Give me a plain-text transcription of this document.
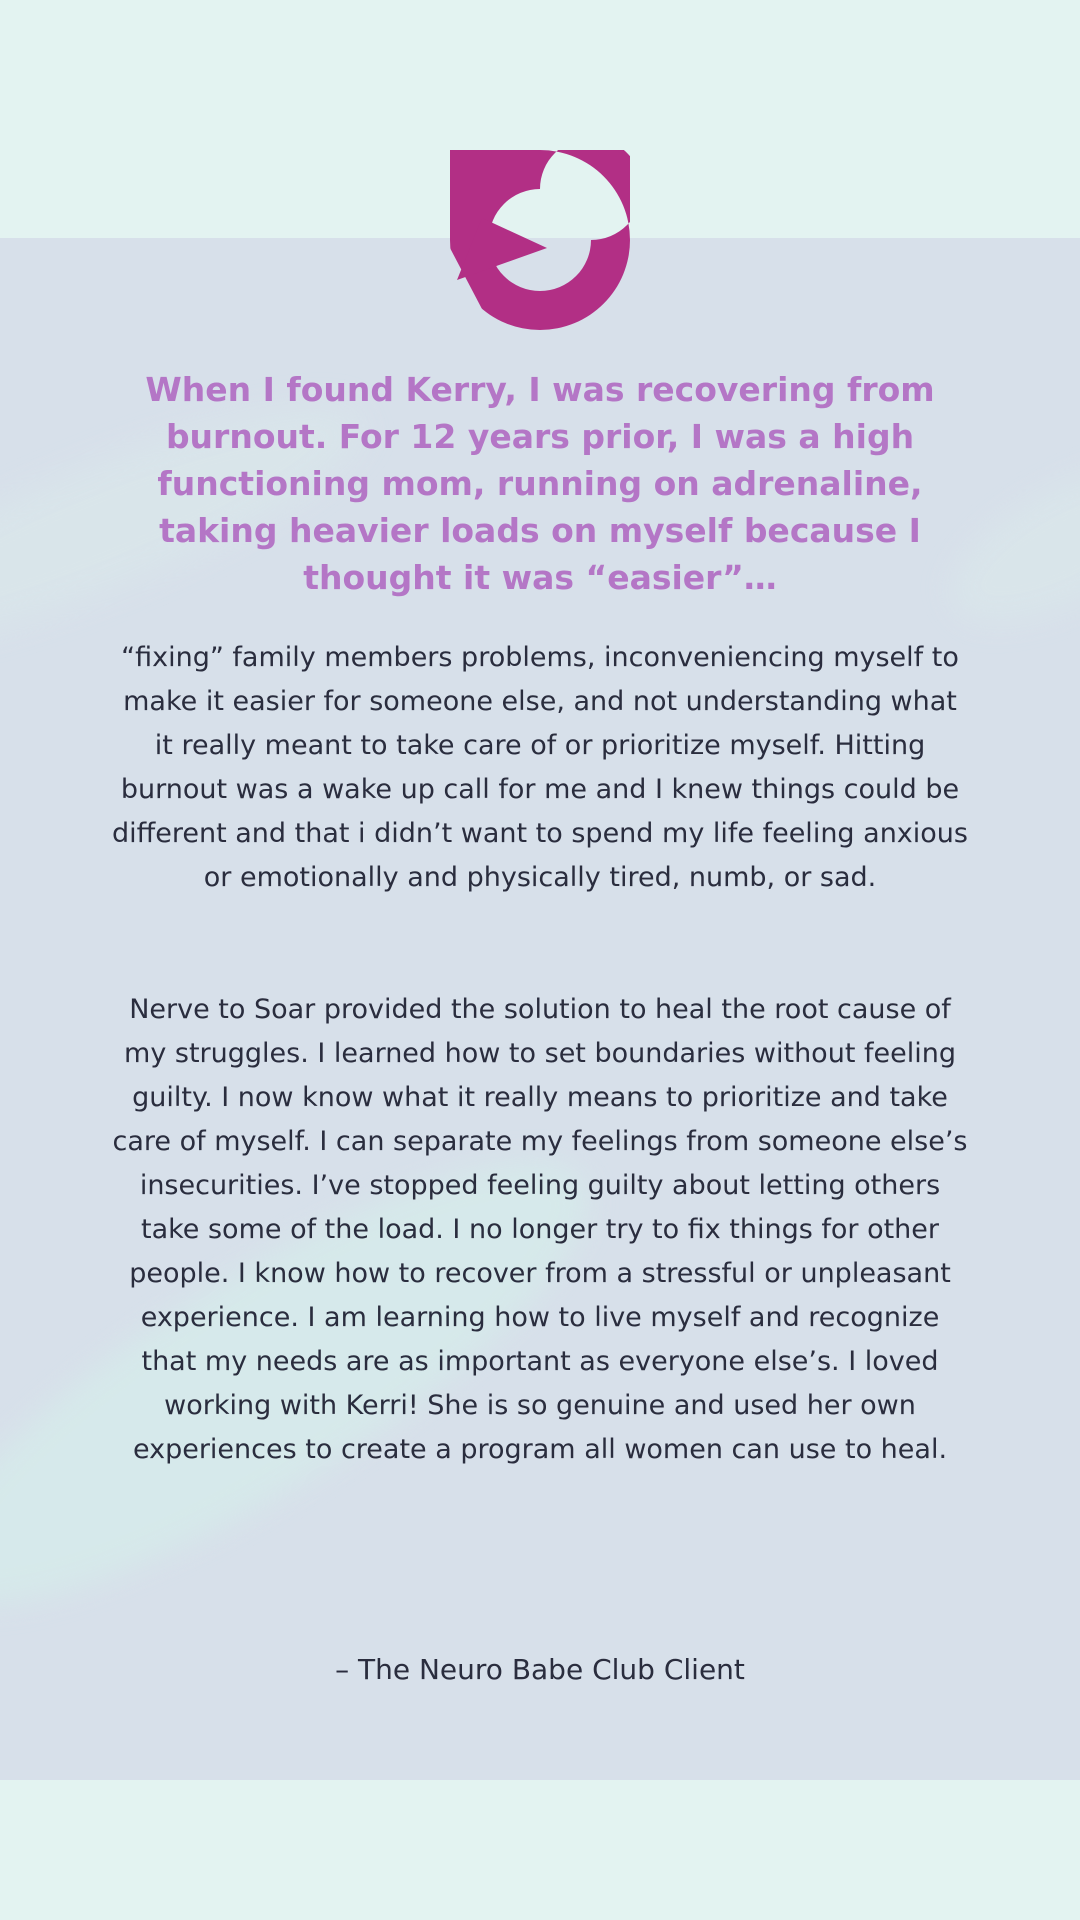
When I found Kerry, I was recovering from burnout. For 12 years prior, I was a high functioning mom, running on adrenaline, taking heavier loads on myself because I thought it was “easier”…

“fixing” family members problems, inconveniencing myself to make it easier for someone else, and not understanding what it really meant to take care of or prioritize myself. Hitting burnout was a wake up call for me and I knew things could be different and that i didn’t want to spend my life feeling anxious or emotionally and physically tired, numb, or sad.

Nerve to Soar provided the solution to heal the root cause of my struggles. I learned how to set boundaries without feeling guilty. I now know what it really means to prioritize and take care of myself. I can separate my feelings from someone else’s insecurities. I’ve stopped feeling guilty about letting others take some of the load. I no longer try to fix things for other people. I know how to recover from a stressful or unpleasant experience. I am learning how to live myself and recognize that my needs are as important as everyone else’s. I loved working with Kerri! She is so genuine and used her own experiences to create a program all women can use to heal.

– The Neuro Babe Club Client
